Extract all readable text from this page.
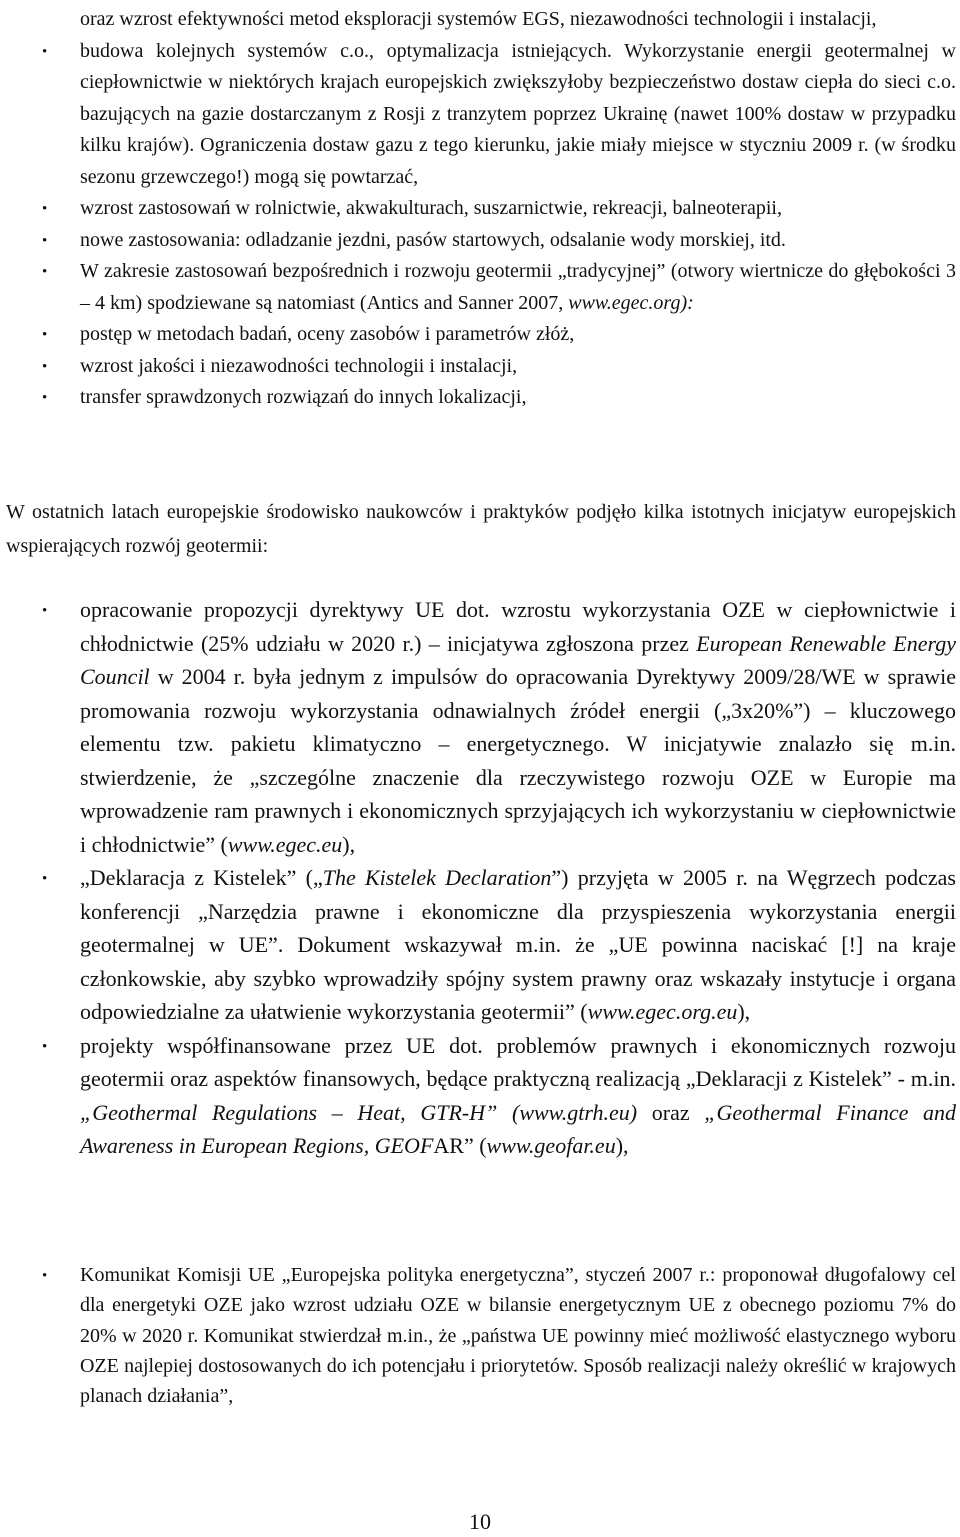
oraz wzrost efektywności metod eksploracji systemów EGS, niezawodności technologii i instalacji,
• budowa kolejnych systemów c.o., optymalizacja istniejących. Wykorzystanie energii geotermalnej w ciepłownictwie w niektórych krajach europejskich zwiększyłoby bezpieczeństwo dostaw ciepła do sieci c.o. bazujących na gazie dostarczanym z Rosji z tranzytem poprzez Ukrainę (nawet 100% dostaw w przypadku kilku krajów). Ograniczenia dostaw gazu z tego kierunku, jakie miały miejsce w styczniu 2009 r. (w środku sezonu grzewczego!) mogą się powtarzać,
• wzrost zastosowań w rolnictwie, akwakulturach, suszarnictwie, rekreacji, balneoterapii,
• nowe zastosowania: odladzanie jezdni, pasów startowych, odsalanie wody morskiej, itd.
• W zakresie zastosowań bezpośrednich i rozwoju geotermii „tradycyjnej” (otwory wiertnicze do głębokości 3 – 4 km) spodziewane są natomiast (Antics and Sanner 2007, www.egec.org):
• postęp w metodach badań, oceny zasobów i parametrów złóż,
• wzrost jakości i niezawodności technologii i instalacji,
• transfer sprawdzonych rozwiązań do innych lokalizacji,

W ostatnich latach europejskie środowisko naukowców i praktyków podjęło kilka istotnych inicjatyw europejskich wspierających rozwój geotermii:

• opracowanie propozycji dyrektywy UE dot. wzrostu wykorzystania OZE w ciepłownictwie i chłodnictwie (25% udziału w 2020 r.) – inicjatywa zgłoszona przez European Renewable Energy Council w 2004 r. była jednym z impulsów do opracowania Dyrektywy 2009/28/WE w sprawie promowania rozwoju wykorzystania odnawialnych źródeł energii („3x20%”) – kluczowego elementu tzw. pakietu klimatyczno – energetycznego. W inicjatywie znalazło się m.in. stwierdzenie, że „szczególne znaczenie dla rzeczywistego rozwoju OZE w Europie ma wprowadzenie ram prawnych i ekonomicznych sprzyjających ich wykorzystaniu w ciepłownictwie i chłodnictwie” (www.egec.eu),
• „Deklaracja z Kistelek” („The Kistelek Declaration”) przyjęta w 2005 r. na Węgrzech podczas konferencji „Narzędzia prawne i ekonomiczne dla przyspieszenia wykorzystania energii geotermalnej w UE”. Dokument wskazywał m.in. że „UE powinna naciskać [!] na kraje członkowskie, aby szybko wprowadziły spójny system prawny oraz wskazały instytucje i organa odpowiedzialne za ułatwienie wykorzystania geotermii” (www.egec.org.eu),
• projekty współfinansowane przez UE dot. problemów prawnych i ekonomicznych rozwoju geotermii oraz aspektów finansowych, będące praktyczną realizacją „Deklaracji z Kistelek” - m.in. „Geothermal Regulations – Heat, GTR-H” (www.gtrh.eu) oraz „Geothermal Finance and Awareness in European Regions, GEOFAR” (www.geofar.eu),
• Komunikat Komisji UE „Europejska polityka energetyczna”, styczeń 2007 r.: proponował długofalowy cel dla energetyki OZE jako wzrost udziału OZE w bilansie energetycznym UE z obecnego poziomu 7% do 20% w 2020 r. Komunikat stwierdzał m.in., że „państwa UE powinny mieć możliwość elastycznego wyboru OZE najlepiej dostosowanych do ich potencjału i priorytetów. Sposób realizacji należy określić w krajowych planach działania”,
10
